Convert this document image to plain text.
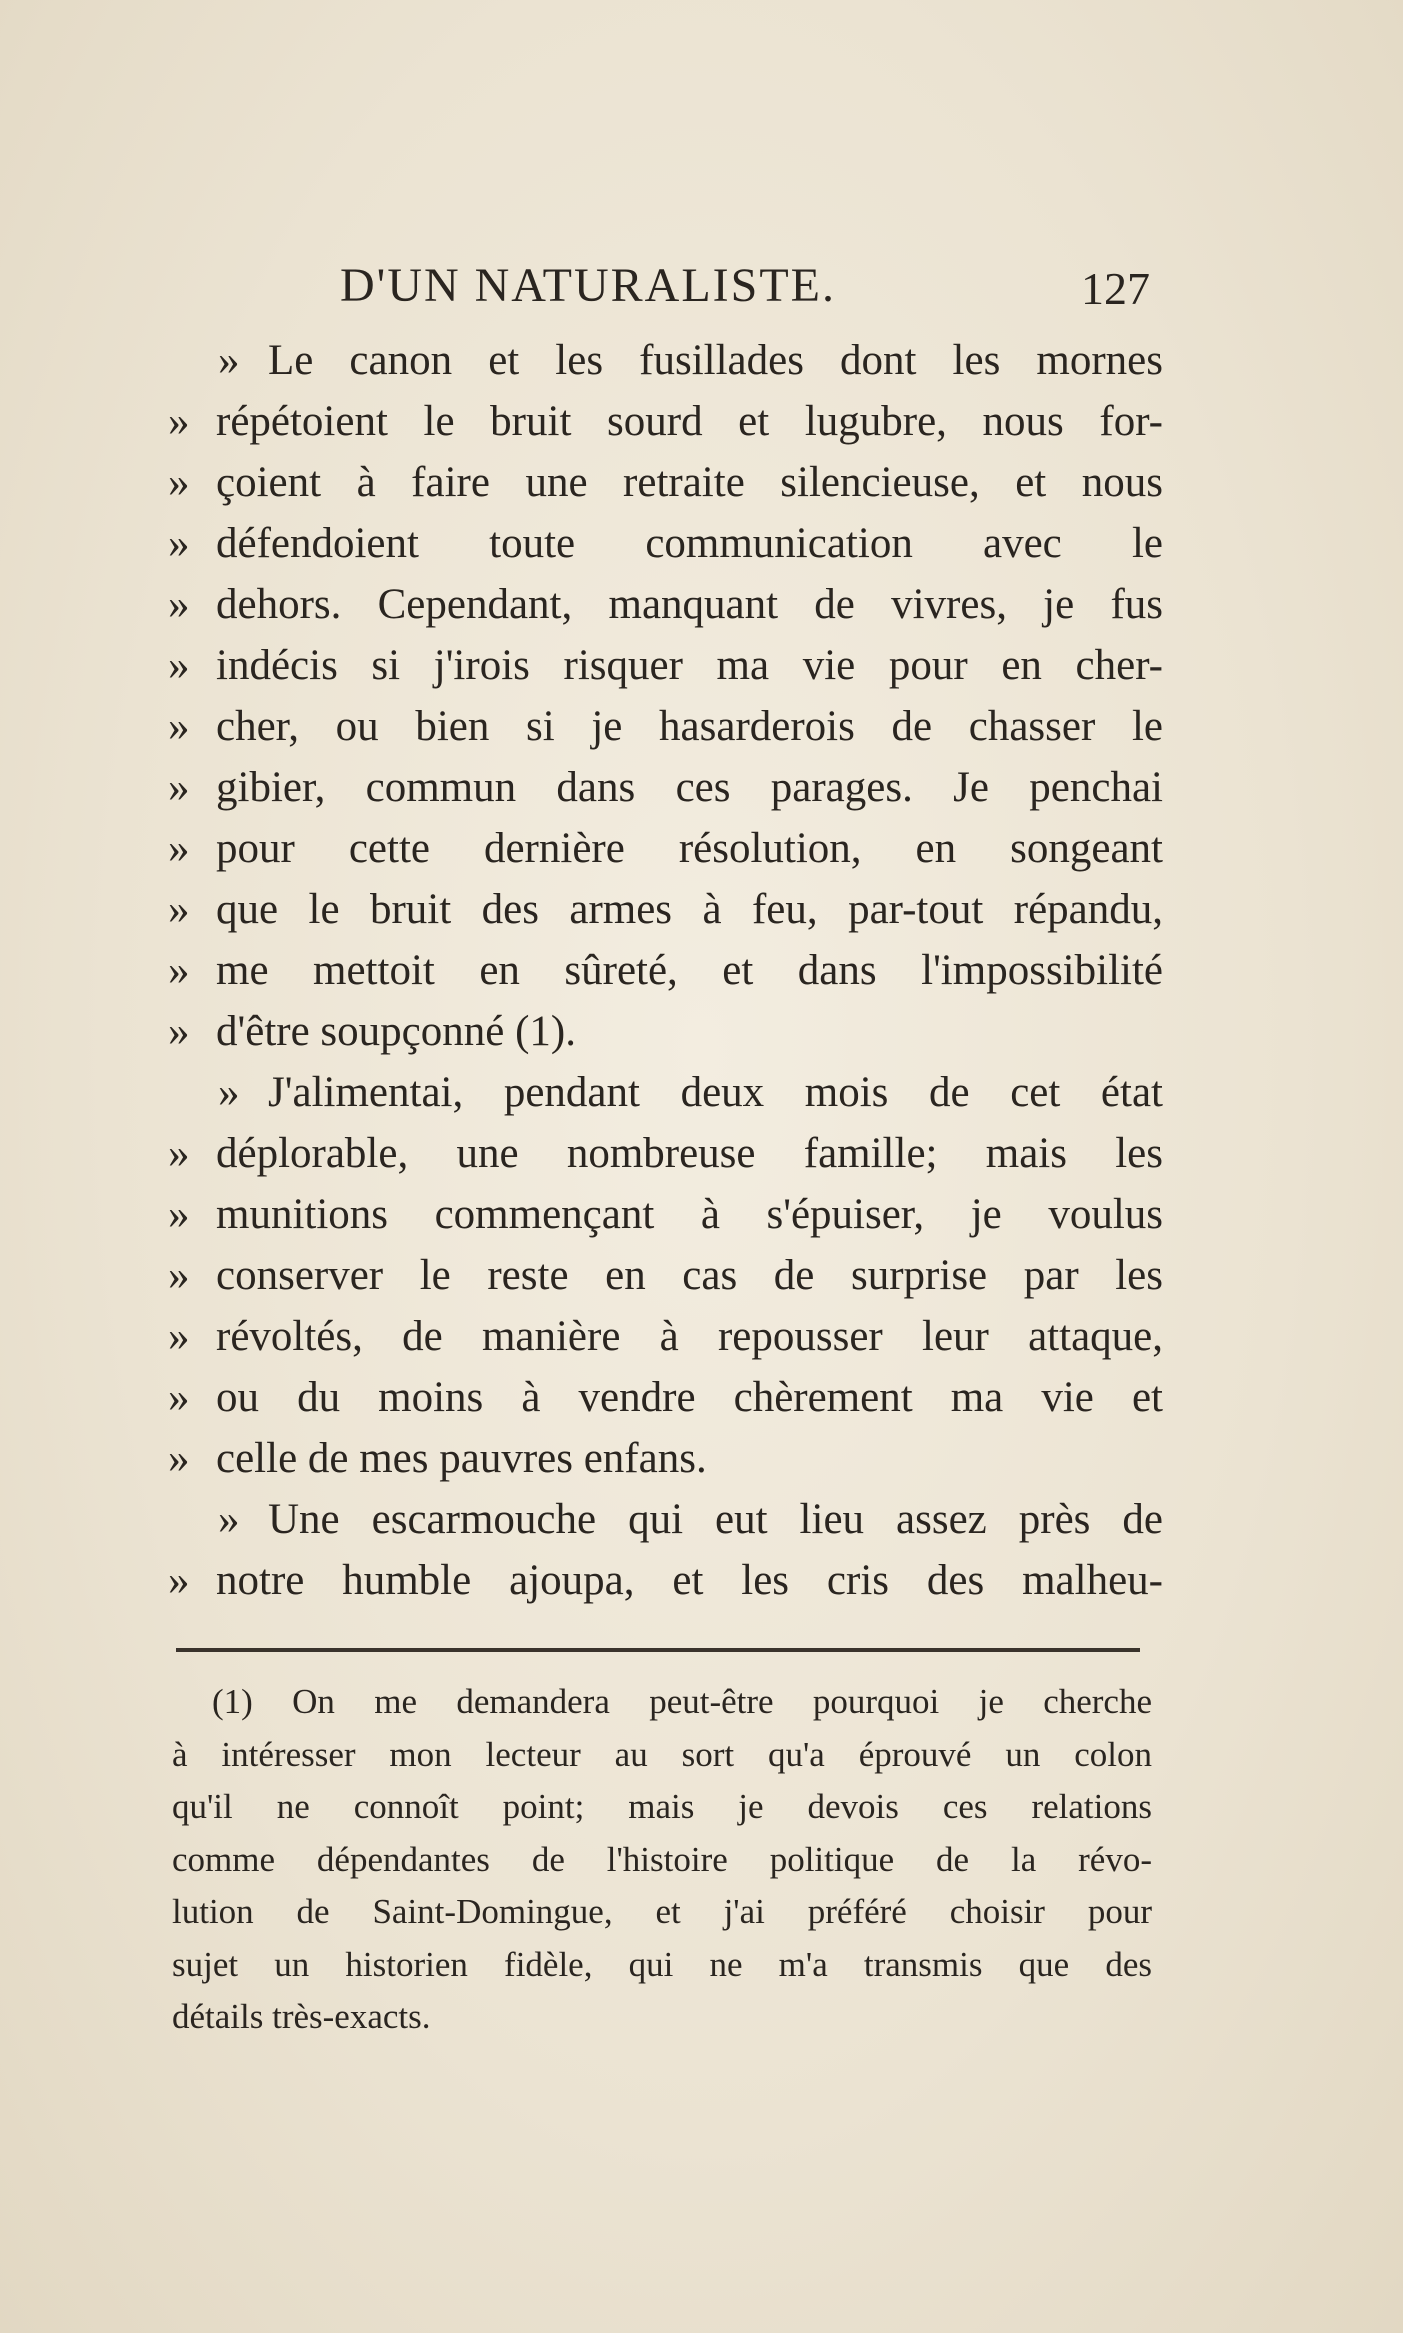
D'UN NATURALISTE.	127
» Le canon et les fusillades dont les mornes
» répétoient le bruit sourd et lugubre, nous for-
» çoient à faire une retraite silencieuse, et nous
» défendoient toute communication avec le
» dehors. Cependant, manquant de vivres, je fus
» indécis si j'irois risquer ma vie pour en cher-
» cher, ou bien si je hasarderois de chasser le
» gibier, commun dans ces parages. Je penchai
» pour cette dernière résolution, en songeant
» que le bruit des armes à feu, par-tout répandu,
» me mettoit en sûreté, et dans l'impossibilité
» d'être soupçonné (1).
» J'alimentai, pendant deux mois de cet état
» déplorable, une nombreuse famille; mais les
» munitions commençant à s'épuiser, je voulus
» conserver le reste en cas de surprise par les
» révoltés, de manière à repousser leur attaque,
» ou du moins à vendre chèrement ma vie et
» celle de mes pauvres enfans.
» Une escarmouche qui eut lieu assez près de
» notre humble ajoupa, et les cris des malheu-
(1) On me demandera peut-être pourquoi je cherche
à intéresser mon lecteur au sort qu'a éprouvé un colon
qu'il ne connoît point; mais je devois ces relations
comme dépendantes de l'histoire politique de la révo-
lution de Saint-Domingue, et j'ai préféré choisir pour
sujet un historien fidèle, qui ne m'a transmis que des
détails très-exacts.
